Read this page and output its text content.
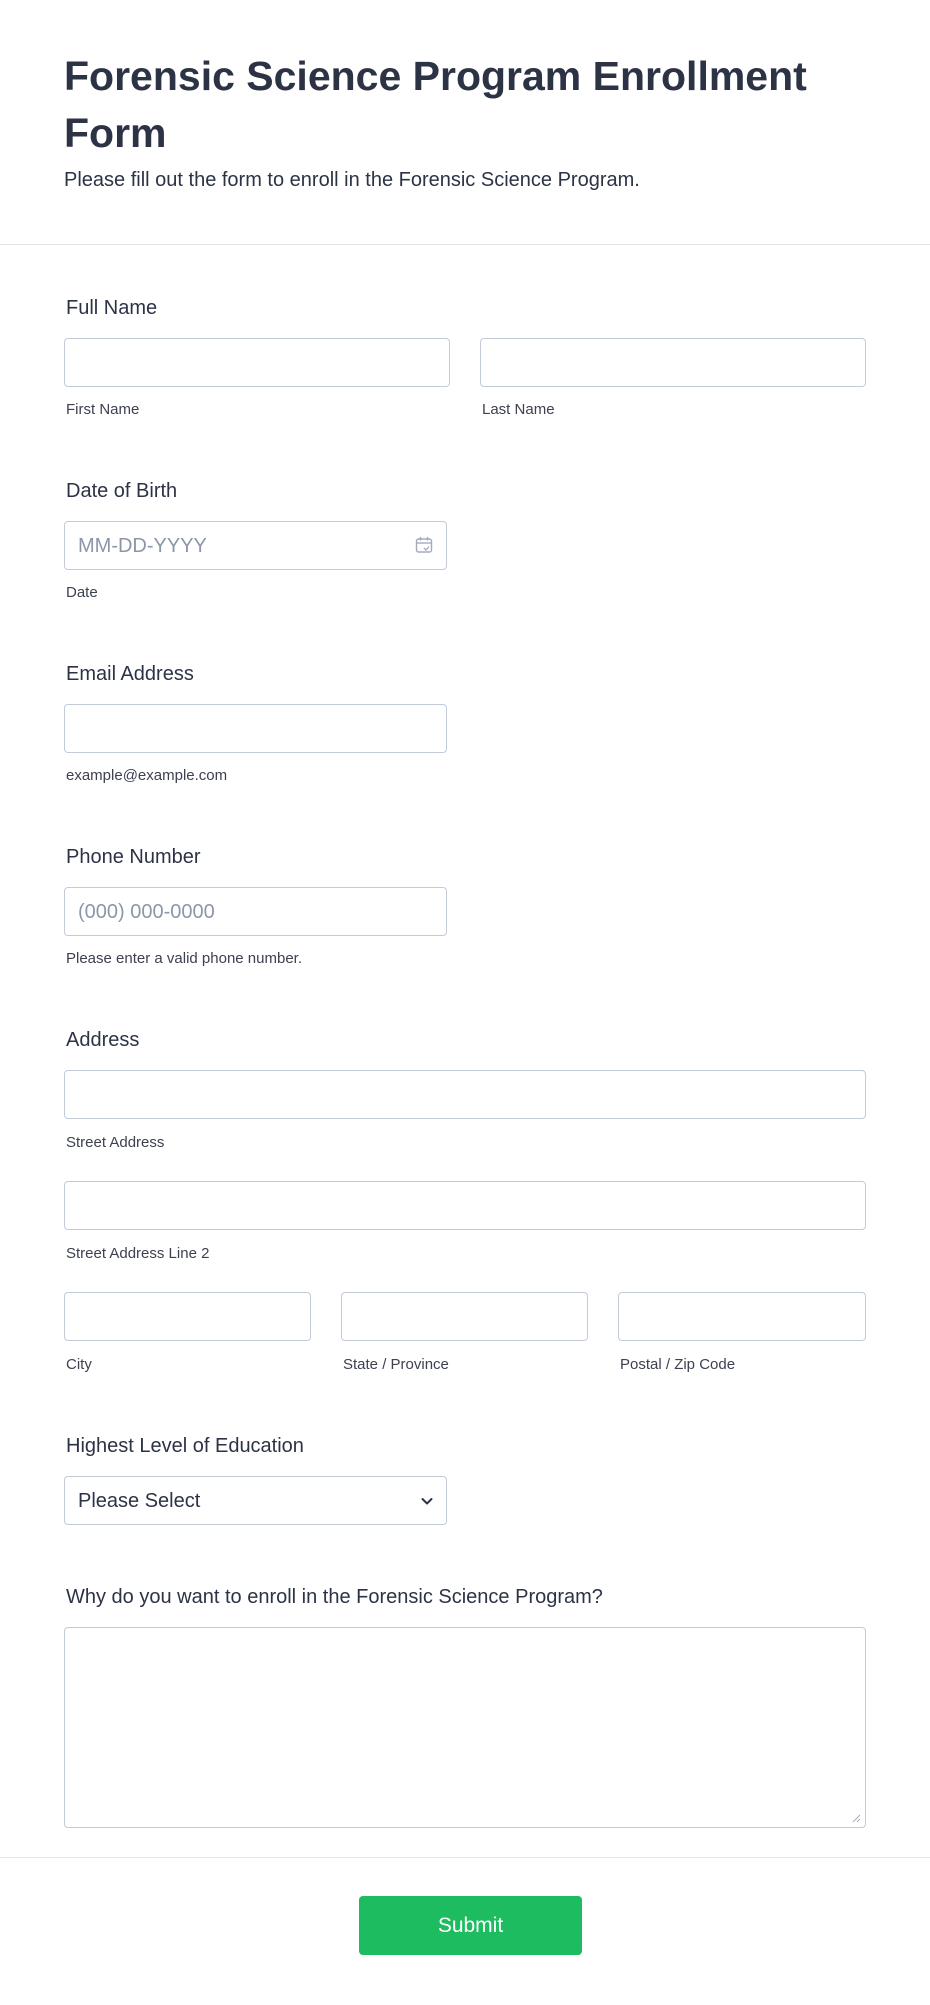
Forensic Science Program Enrollment Form

Please fill out the form to enroll in the Forensic Science Program.

Full Name
First Name	Last Name
Date of Birth
MM-DD-YYYY
Date
Email Address
example@example.com
Phone Number
(000) 000-0000
Please enter a valid phone number.
Address
Street Address
Street Address Line 2
City	State / Province	Postal / Zip Code
Highest Level of Education
Please Select
Why do you want to enroll in the Forensic Science Program?
Submit
